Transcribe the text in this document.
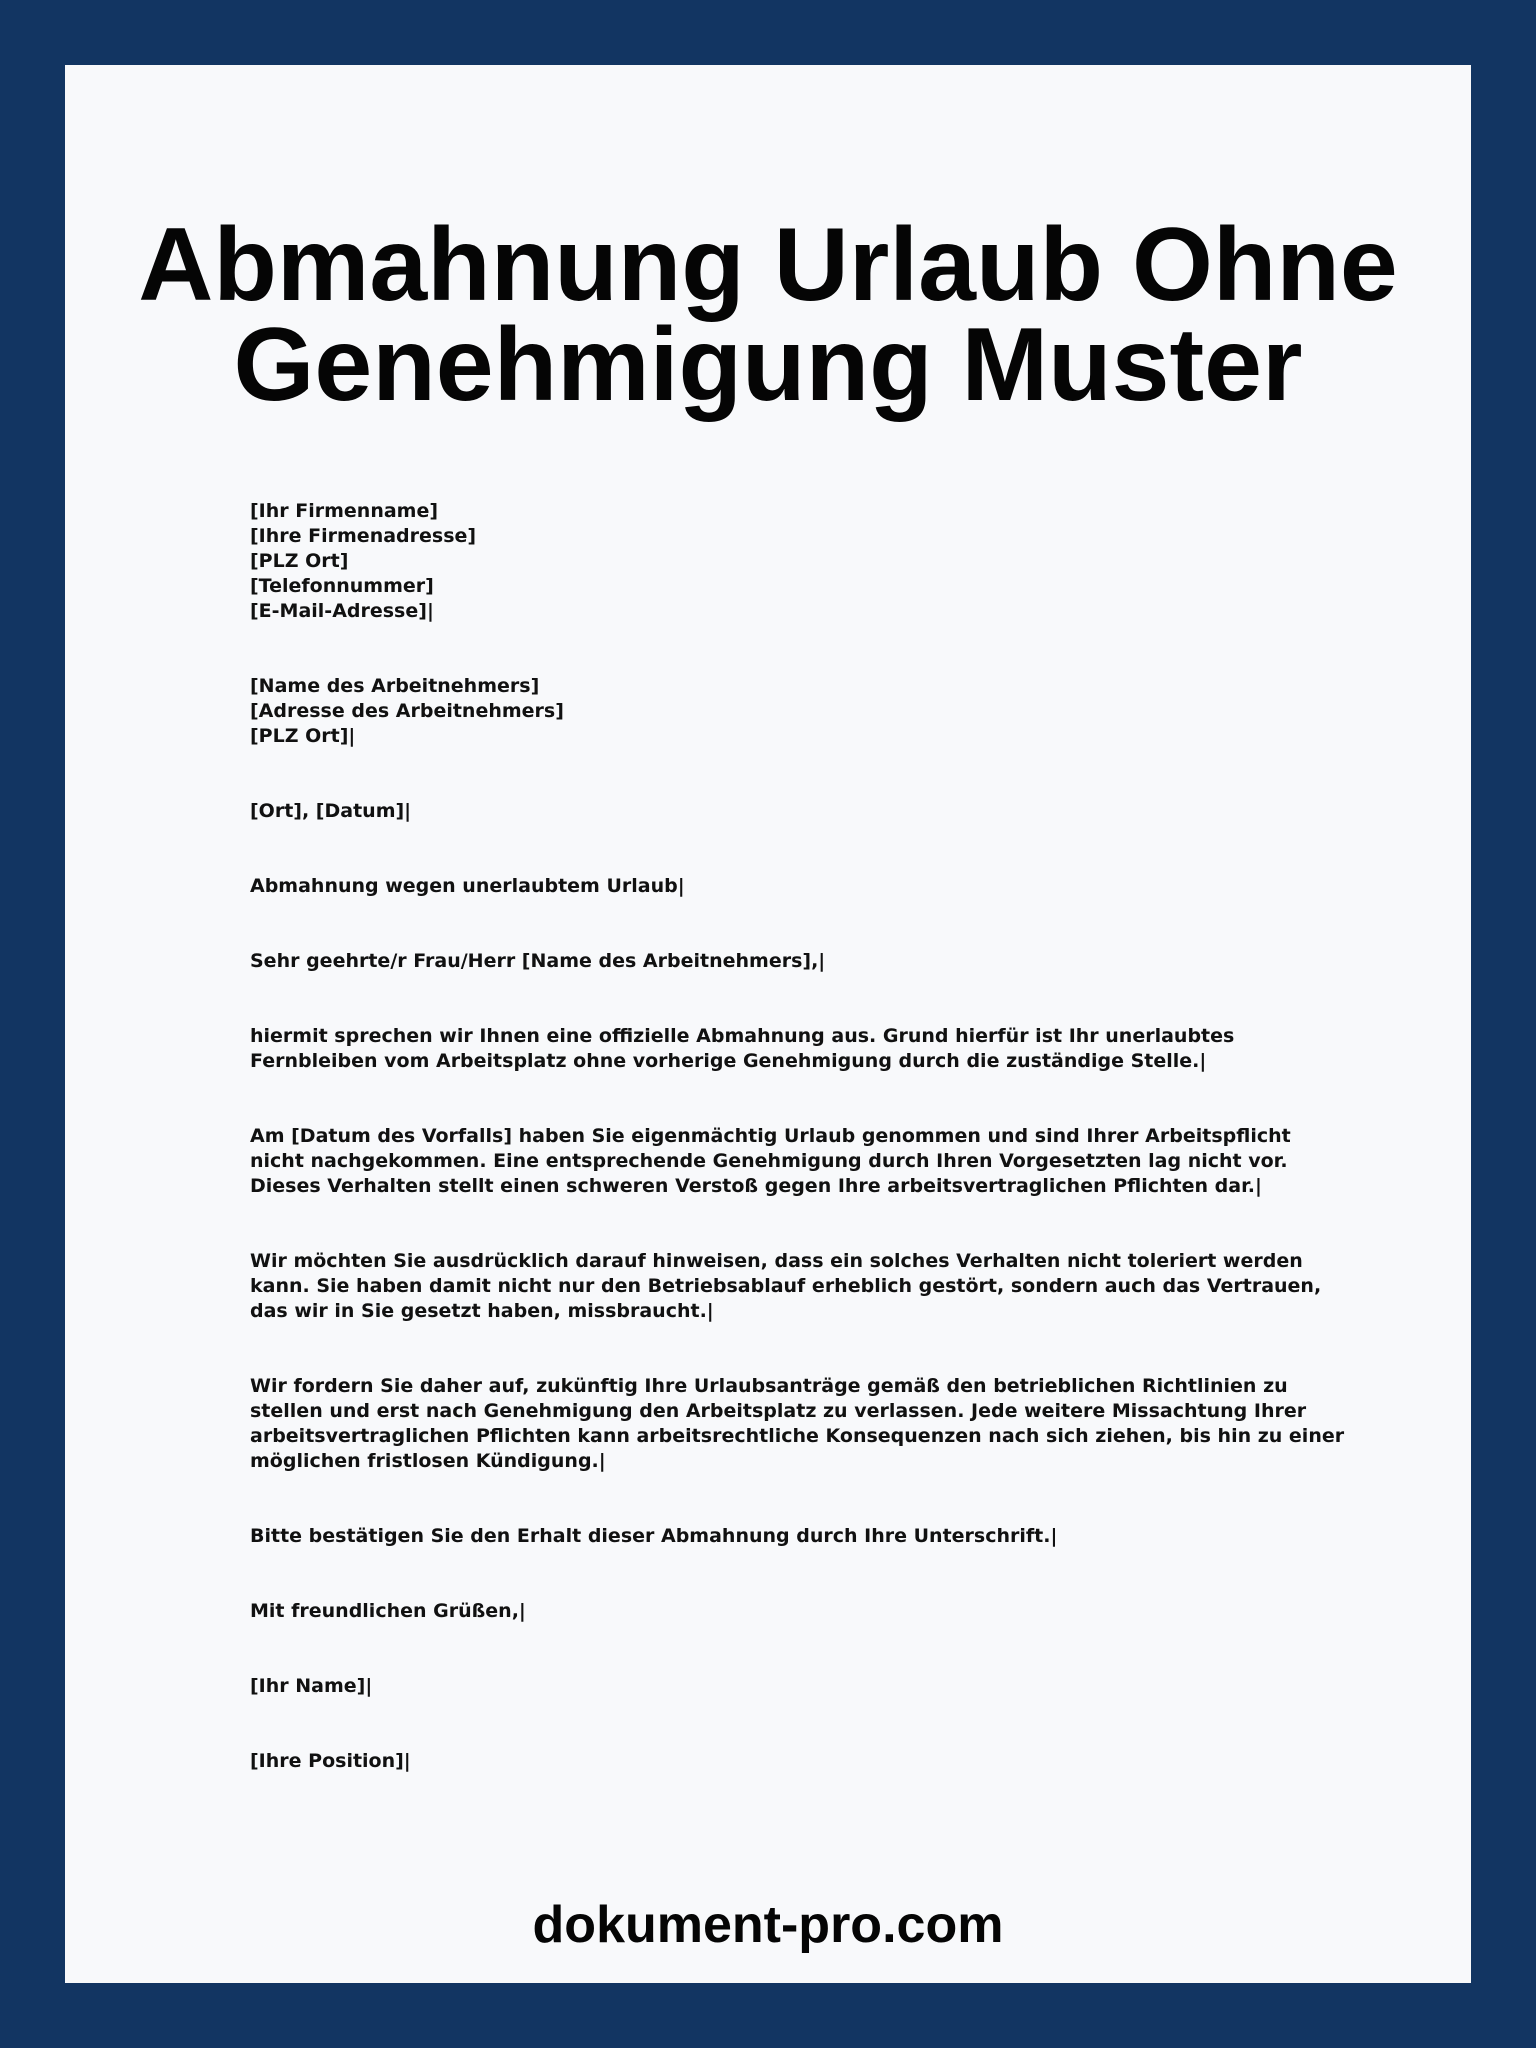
Abmahnung Urlaub Ohne
Genehmigung Muster
[Ihr Firmenname]
[Ihre Firmenadresse]
[PLZ Ort]
[Telefonnummer]
[E-Mail-Adresse]|
[Name des Arbeitnehmers]
[Adresse des Arbeitnehmers]
[PLZ Ort]|

[Ort], [Datum]|

Abmahnung wegen unerlaubtem Urlaub|

Sehr geehrte/r Frau/Herr [Name des Arbeitnehmers],|

hiermit sprechen wir Ihnen eine offizielle Abmahnung aus. Grund hierfür ist Ihr unerlaubtes Fernbleiben vom Arbeitsplatz ohne vorherige Genehmigung durch die zuständige Stelle.|

Am [Datum des Vorfalls] haben Sie eigenmächtig Urlaub genommen und sind Ihrer Arbeitspflicht nicht nachgekommen. Eine entsprechende Genehmigung durch Ihren Vorgesetzten lag nicht vor. Dieses Verhalten stellt einen schweren Verstoß gegen Ihre arbeitsvertraglichen Pflichten dar.|

Wir möchten Sie ausdrücklich darauf hinweisen, dass ein solches Verhalten nicht toleriert werden kann. Sie haben damit nicht nur den Betriebsablauf erheblich gestört, sondern auch das Vertrauen, das wir in Sie gesetzt haben, missbraucht.|

Wir fordern Sie daher auf, zukünftig Ihre Urlaubsanträge gemäß den betrieblichen Richtlinien zu stellen und erst nach Genehmigung den Arbeitsplatz zu verlassen. Jede weitere Missachtung Ihrer arbeitsvertraglichen Pflichten kann arbeitsrechtliche Konsequenzen nach sich ziehen, bis hin zu einer möglichen fristlosen Kündigung.|

Bitte bestätigen Sie den Erhalt dieser Abmahnung durch Ihre Unterschrift.|

Mit freundlichen Grüßen,|

[Ihr Name]|

[Ihre Position]|

dokument-pro.com
